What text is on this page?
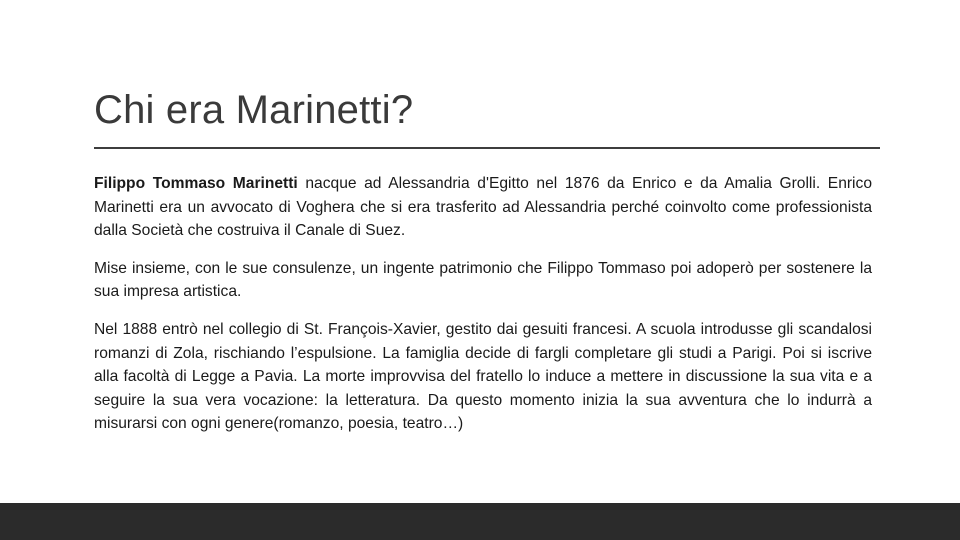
Chi era Marinetti?

Filippo Tommaso Marinetti nacque ad Alessandria d'Egitto nel 1876 da Enrico e da Amalia Grolli. Enrico Marinetti era un avvocato di Voghera che si era trasferito ad Alessandria perché coinvolto come professionista dalla Società che costruiva il Canale di Suez.

Mise insieme, con le sue consulenze, un ingente patrimonio che Filippo Tommaso poi adoperò per sostenere la sua impresa artistica.

Nel 1888 entrò nel collegio di St. François-Xavier, gestito dai gesuiti francesi. A scuola introdusse gli scandalosi romanzi di Zola, rischiando l’espulsione. La famiglia decide di fargli completare gli studi a Parigi. Poi si iscrive alla facoltà di Legge a Pavia. La morte improvvisa del fratello lo induce a mettere in discussione la sua vita e a seguire la sua vera vocazione: la letteratura. Da questo momento inizia la sua avventura che lo indurrà a misurarsi con ogni genere(romanzo, poesia, teatro…)
